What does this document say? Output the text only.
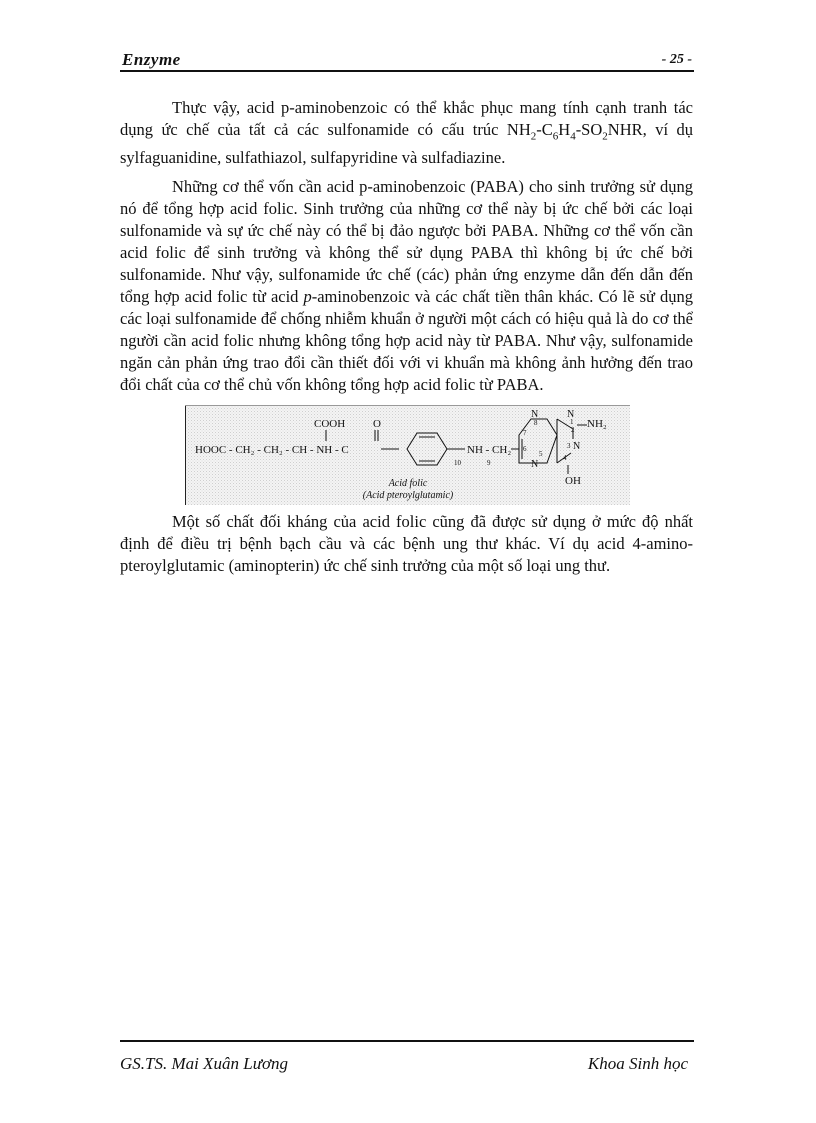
Enzyme	- 25 -

Thực vậy, acid p-aminobenzoic có thể khắc phục mang tính cạnh tranh tác dụng ức chế của tất cả các sulfonamide có cấu trúc $NH_2-C_6H_4-SO_2NHR$, ví dụ sylfaguanidine, sulfathiazol, sulfapyridine và sulfadiazine.

Những cơ thể vốn cần acid p-aminobenzoic (PABA) cho sinh trưởng sử dụng nó để tổng hợp acid folic. Sinh trưởng của những cơ thể này bị ức chế bởi các loại sulfonamide và sự ức chế này có thể bị đảo ngược bởi PABA. Những cơ thể vốn cần acid folic để sinh trưởng và không thể sử dụng PABA thì không bị ức chế bởi sulfonamide. Như vậy, sulfonamide ức chế (các) phản ứng enzyme dẫn đến dẫn đến tổng hợp acid folic từ acid p-aminobenzoic và các chất tiền thân khác. Có lẽ sử dụng các loại sulfonamide để chống nhiễm khuẩn ở người một cách có hiệu quả là do cơ thể người cần acid folic nhưng không tổng hợp acid này từ PABA. Như vậy, sulfonamide ngăn cản phản ứng trao đổi cần thiết đối với vi khuẩn mà không ảnh hưởng đến trao đổi chất của cơ thể chủ vốn không tổng hợp acid folic từ PABA.

HOOC - CH₂ - CH₂ - CH - NH - C
COOH	O
NH - CH₂
NH₂
OH
N	N
N
N
10	9
8
7
6
5	4
3
2
1
Acid folic
(Acid pteroylglutamic)

Một số chất đối kháng của acid folic cũng đã được sử dụng ở mức độ nhất định để điều trị bệnh bạch cầu và các bệnh ung thư khác. Ví dụ acid 4-amino-pteroylglutamic (aminopterin) ức chế sinh trưởng của một số loại ung thư.

GS.TS. Mai Xuân Lương	Khoa Sinh học
